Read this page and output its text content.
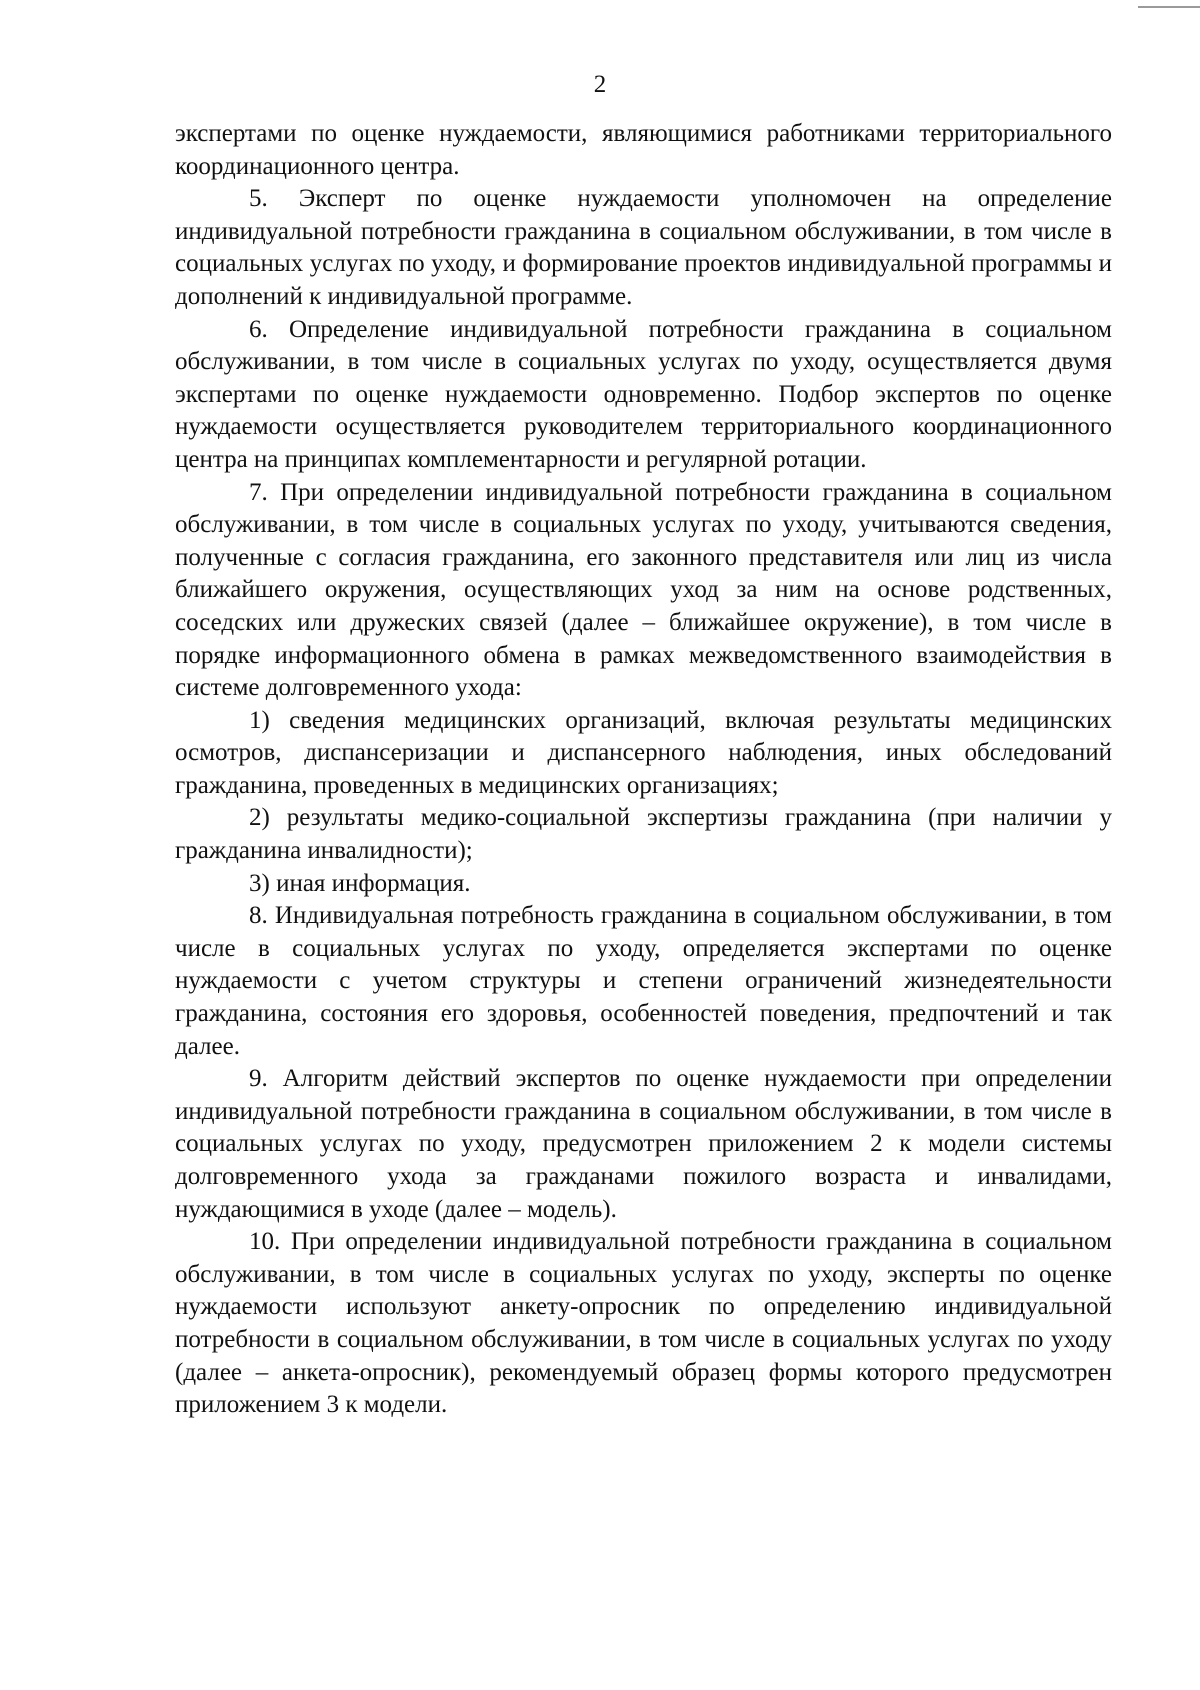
2

экспертами по оценке нуждаемости, являющимися работниками территориального координационного центра.

5. Эксперт по оценке нуждаемости уполномочен на определение индивидуальной потребности гражданина в социальном обслуживании, в том числе в социальных услугах по уходу, и формирование проектов индивидуальной программы и дополнений к индивидуальной программе.

6. Определение индивидуальной потребности гражданина в социальном обслуживании, в том числе в социальных услугах по уходу, осуществляется двумя экспертами по оценке нуждаемости одновременно. Подбор экспертов по оценке нуждаемости осуществляется руководителем территориального координационного центра на принципах комплементарности и регулярной ротации.

7. При определении индивидуальной потребности гражданина в социальном обслуживании, в том числе в социальных услугах по уходу, учитываются сведения, полученные с согласия гражданина, его законного представителя или лиц из числа ближайшего окружения, осуществляющих уход за ним на основе родственных, соседских или дружеских связей (далее – ближайшее окружение), в том числе в порядке информационного обмена в рамках межведомственного взаимодействия в системе долговременного ухода:

1) сведения медицинских организаций, включая результаты медицинских осмотров, диспансеризации и диспансерного наблюдения, иных обследований гражданина, проведенных в медицинских организациях;

2) результаты медико-социальной экспертизы гражданина (при наличии у гражданина инвалидности);

3) иная информация.

8. Индивидуальная потребность гражданина в социальном обслуживании, в том числе в социальных услугах по уходу, определяется экспертами по оценке нуждаемости с учетом структуры и степени ограничений жизнедеятельности гражданина, состояния его здоровья, особенностей поведения, предпочтений и так далее.

9. Алгоритм действий экспертов по оценке нуждаемости при определении индивидуальной потребности гражданина в социальном обслуживании, в том числе в социальных услугах по уходу, предусмотрен приложением 2 к модели системы долговременного ухода за гражданами пожилого возраста и инвалидами, нуждающимися в уходе (далее – модель).

10. При определении индивидуальной потребности гражданина в социальном обслуживании, в том числе в социальных услугах по уходу, эксперты по оценке нуждаемости используют анкету-опросник по определению индивидуальной потребности в социальном обслуживании, в том числе в социальных услугах по уходу (далее – анкета-опросник), рекомендуемый образец формы которого предусмотрен приложением 3 к модели.
